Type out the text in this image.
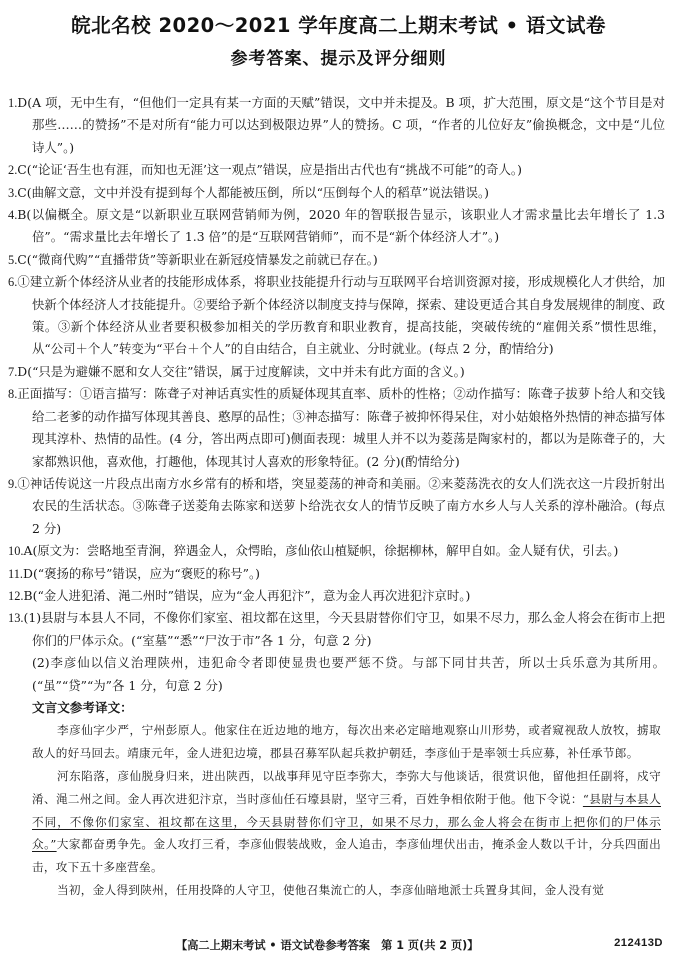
皖北名校 2020～2021 学年度高二上期末考试 • 语文试卷
参考答案、提示及评分细则

1.D(A 项，无中生有，“但他们一定具有某一方面的天赋”错误，文中并未提及。B 项，扩大范围，原文是“这个节目是对那些……的赞扬”不是对所有“能力可以达到极限边界”人的赞扬。C 项，“作者的儿位好友”偷换概念，文中是“儿位诗人”。)

2.C(“论证‘吾生也有涯，而知也无涯’这一观点”错误，应是指出古代也有“挑战不可能”的奇人。)

3.C(曲解文意，文中并没有提到每个人都能被压倒，所以“压倒每个人的稻草”说法错误。)

4.B(以偏概全。原文是“以新职业互联网营销师为例，2020 年的智联报告显示，该职业人才需求量比去年增长了 1.3 倍”。“需求量比去年增长了 1.3 倍”的是“互联网营销师”，而不是“新个体经济人才”。)

5.C(“微商代购”“直播带货”等新职业在新冠疫情暴发之前就已存在。)

6.①建立新个体经济从业者的技能形成体系，将职业技能提升行动与互联网平台培训资源对接，形成规模化人才供给，加快新个体经济人才技能提升。②要给予新个体经济以制度支持与保障，探索、建设更适合其自身发展规律的制度、政策。③新个体经济从业者要积极参加相关的学历教育和职业教育，提高技能，突破传统的“雇佣关系”惯性思维，从“公司＋个人”转变为“平台＋个人”的自由结合，自主就业、分时就业。(每点 2 分，酌情给分)

7.D(“只是为避嫌不愿和女人交往”错误，属于过度解读，文中并未有此方面的含义。)

8.正面描写：①语言描写：陈聋子对神话真实性的质疑体现其直率、质朴的性格；②动作描写：陈聋子拔萝卜给人和交钱给二老爹的动作描写体现其善良、憨厚的品性；③神态描写：陈聋子被抑怀得呆住，对小姑娘格外热情的神态描写体现其淳朴、热情的品性。(4 分，答出两点即可)侧面表现：城里人并不以为菱荡是陶家村的，都以为是陈聋子的，大家都熟识他，喜欢他，打趣他，体现其讨人喜欢的形象特征。(2 分)(酌情给分)

9.①神话传说这一片段点出南方水乡常有的桥和塔，突显菱荡的神奇和美丽。②来菱荡洗衣的女人们洗衣这一片段折射出农民的生活状态。③陈聋子送菱角去陈家和送萝卜给洗衣女人的情节反映了南方水乡人与人关系的淳朴融洽。(每点 2 分)

10.A(原文为：尝略地至青涧，猝遇金人，众愕眙，彦仙依山植疑帜，徐据柳林，解甲自如。金人疑有伏，引去。)

11.D(“褒扬的称号”错误，应为“褒贬的称号”。)

12.B(“金人进犯淆、渑二州时”错误，应为“金人再犯汴”，意为金人再次进犯汴京时。)

13.(1)县尉与本县人不同，不像你们家室、祖坟都在这里，今天县尉替你们守卫，如果不尽力，那么金人将会在街市上把你们的尸体示众。(“室墓”“悉”“尸汝于市”各 1 分，句意 2 分)

(2)李彦仙以信义治理陕州，违犯命令者即使显贵也要严惩不贷。与部下同甘共苦，所以士兵乐意为其所用。(“虽”“贷”“为”各 1 分，句意 2 分)

文言文参考译文：

李彦仙字少严，宁州彭原人。他家住在近边地的地方，每次出来必定暗地观察山川形势，或者窥视敌人放牧，掳取敌人的好马回去。靖康元年，金人进犯边境，郡县召募军队起兵救护朝廷，李彦仙于是率领士兵应募，补任承节郎。

河东陷落，彦仙脱身归来，进出陕西，以战事拜见守臣李弥大，李弥大与他谈话，很赏识他，留他担任副将，戍守淆、渑二州之间。金人再次进犯汴京，当时彦仙任石壕县尉，坚守三肴，百姓争相依附于他。他下令说：“县尉与本县人不同，不像你们家室、祖坟都在这里，今天县尉替你们守卫，如果不尽力，那么金人将会在街市上把你们的尸体示众。”大家都奋勇争先。金人攻打三肴，李彦仙假装战败，金人追击，李彦仙埋伏出击，掩杀金人数以千计，分兵四面出击，攻下五十多座营垒。

当初，金人得到陕州，任用投降的人守卫，使他召集流亡的人，李彦仙暗地派士兵置身其间，金人没有觉

【高二上期末考试 • 语文试卷参考答案　第 1 页(共 2 页)】	212413D
